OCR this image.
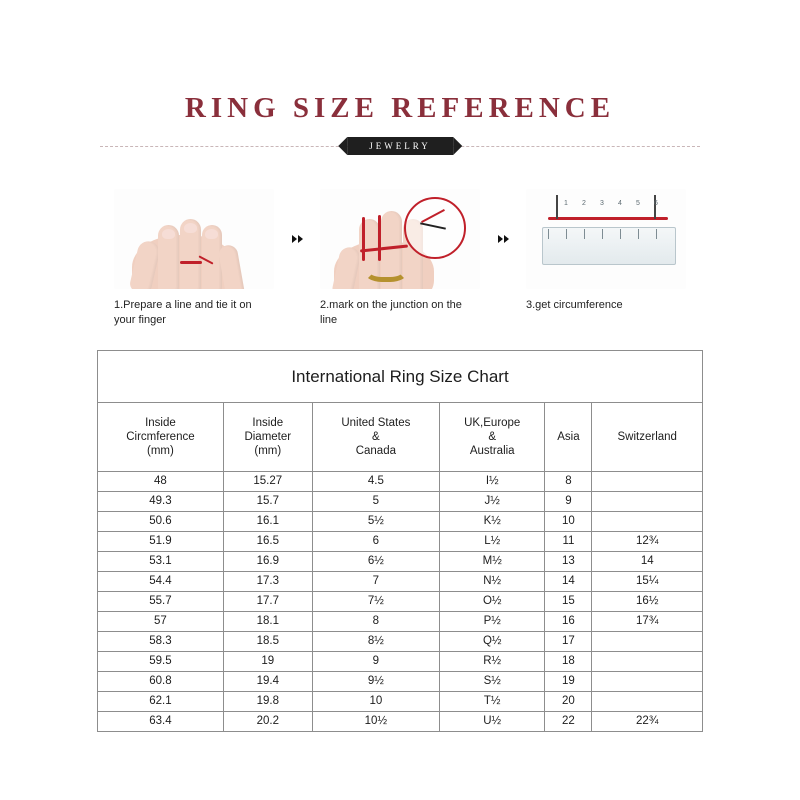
RING SIZE REFERENCE
JEWELRY
1.Prepare a line and tie it on your finger
2.mark on the junction on the line
1 2 3 4 5 6
3.get circumference
International Ring Size Chart
Inside
Circmference
(mm)

Inside
Diameter
(mm)

United States
&
Canada

UK,Europe
&
Australia

Asia	Switzerland

48	15.27	4.5	I½	8	
49.3	15.7	5	J½	9	
50.6	16.1	5½	K½	10	
51.9	16.5	6	L½	11	12¾
53.1	16.9	6½	M½	13	14
54.4	17.3	7	N½	14	15¼
55.7	17.7	7½	O½	15	16½
57	18.1	8	P½	16	17¾
58.3	18.5	8½	Q½	17	
59.5	19	9	R½	18	
60.8	19.4	9½	S½	19	
62.1	19.8	10	T½	20	
63.4	20.2	10½	U½	22	22¾
